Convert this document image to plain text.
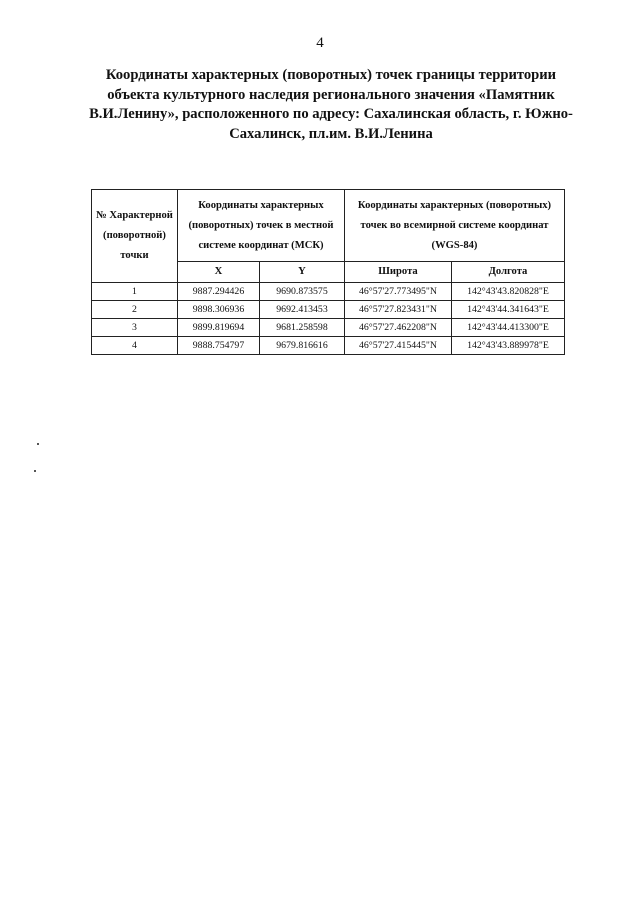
4
Координаты характерных (поворотных) точек границы территории
объекта культурного наследия регионального значения «Памятник
В.И.Ленину», расположенного по адресу: Сахалинская область, г. Южно-
Сахалинск, пл.им. В.И.Ленина
№ Характерной (поворотной) точки	Координаты характерных (поворотных) точек в местной системе координат (МСК)		Координаты характерных (поворотных) точек во всемирной системе координат (WGS-84)	
	X	Y	Широта	Долгота
1	9887.294426	9690.873575	46°57'27.773495"N	142°43'43.820828"E
2	9898.306936	9692.413453	46°57'27.823431"N	142°43'44.341643"E
3	9899.819694	9681.258598	46°57'27.462208"N	142°43'44.413300"E
4	9888.754797	9679.816616	46°57'27.415445"N	142°43'43.889978"E
